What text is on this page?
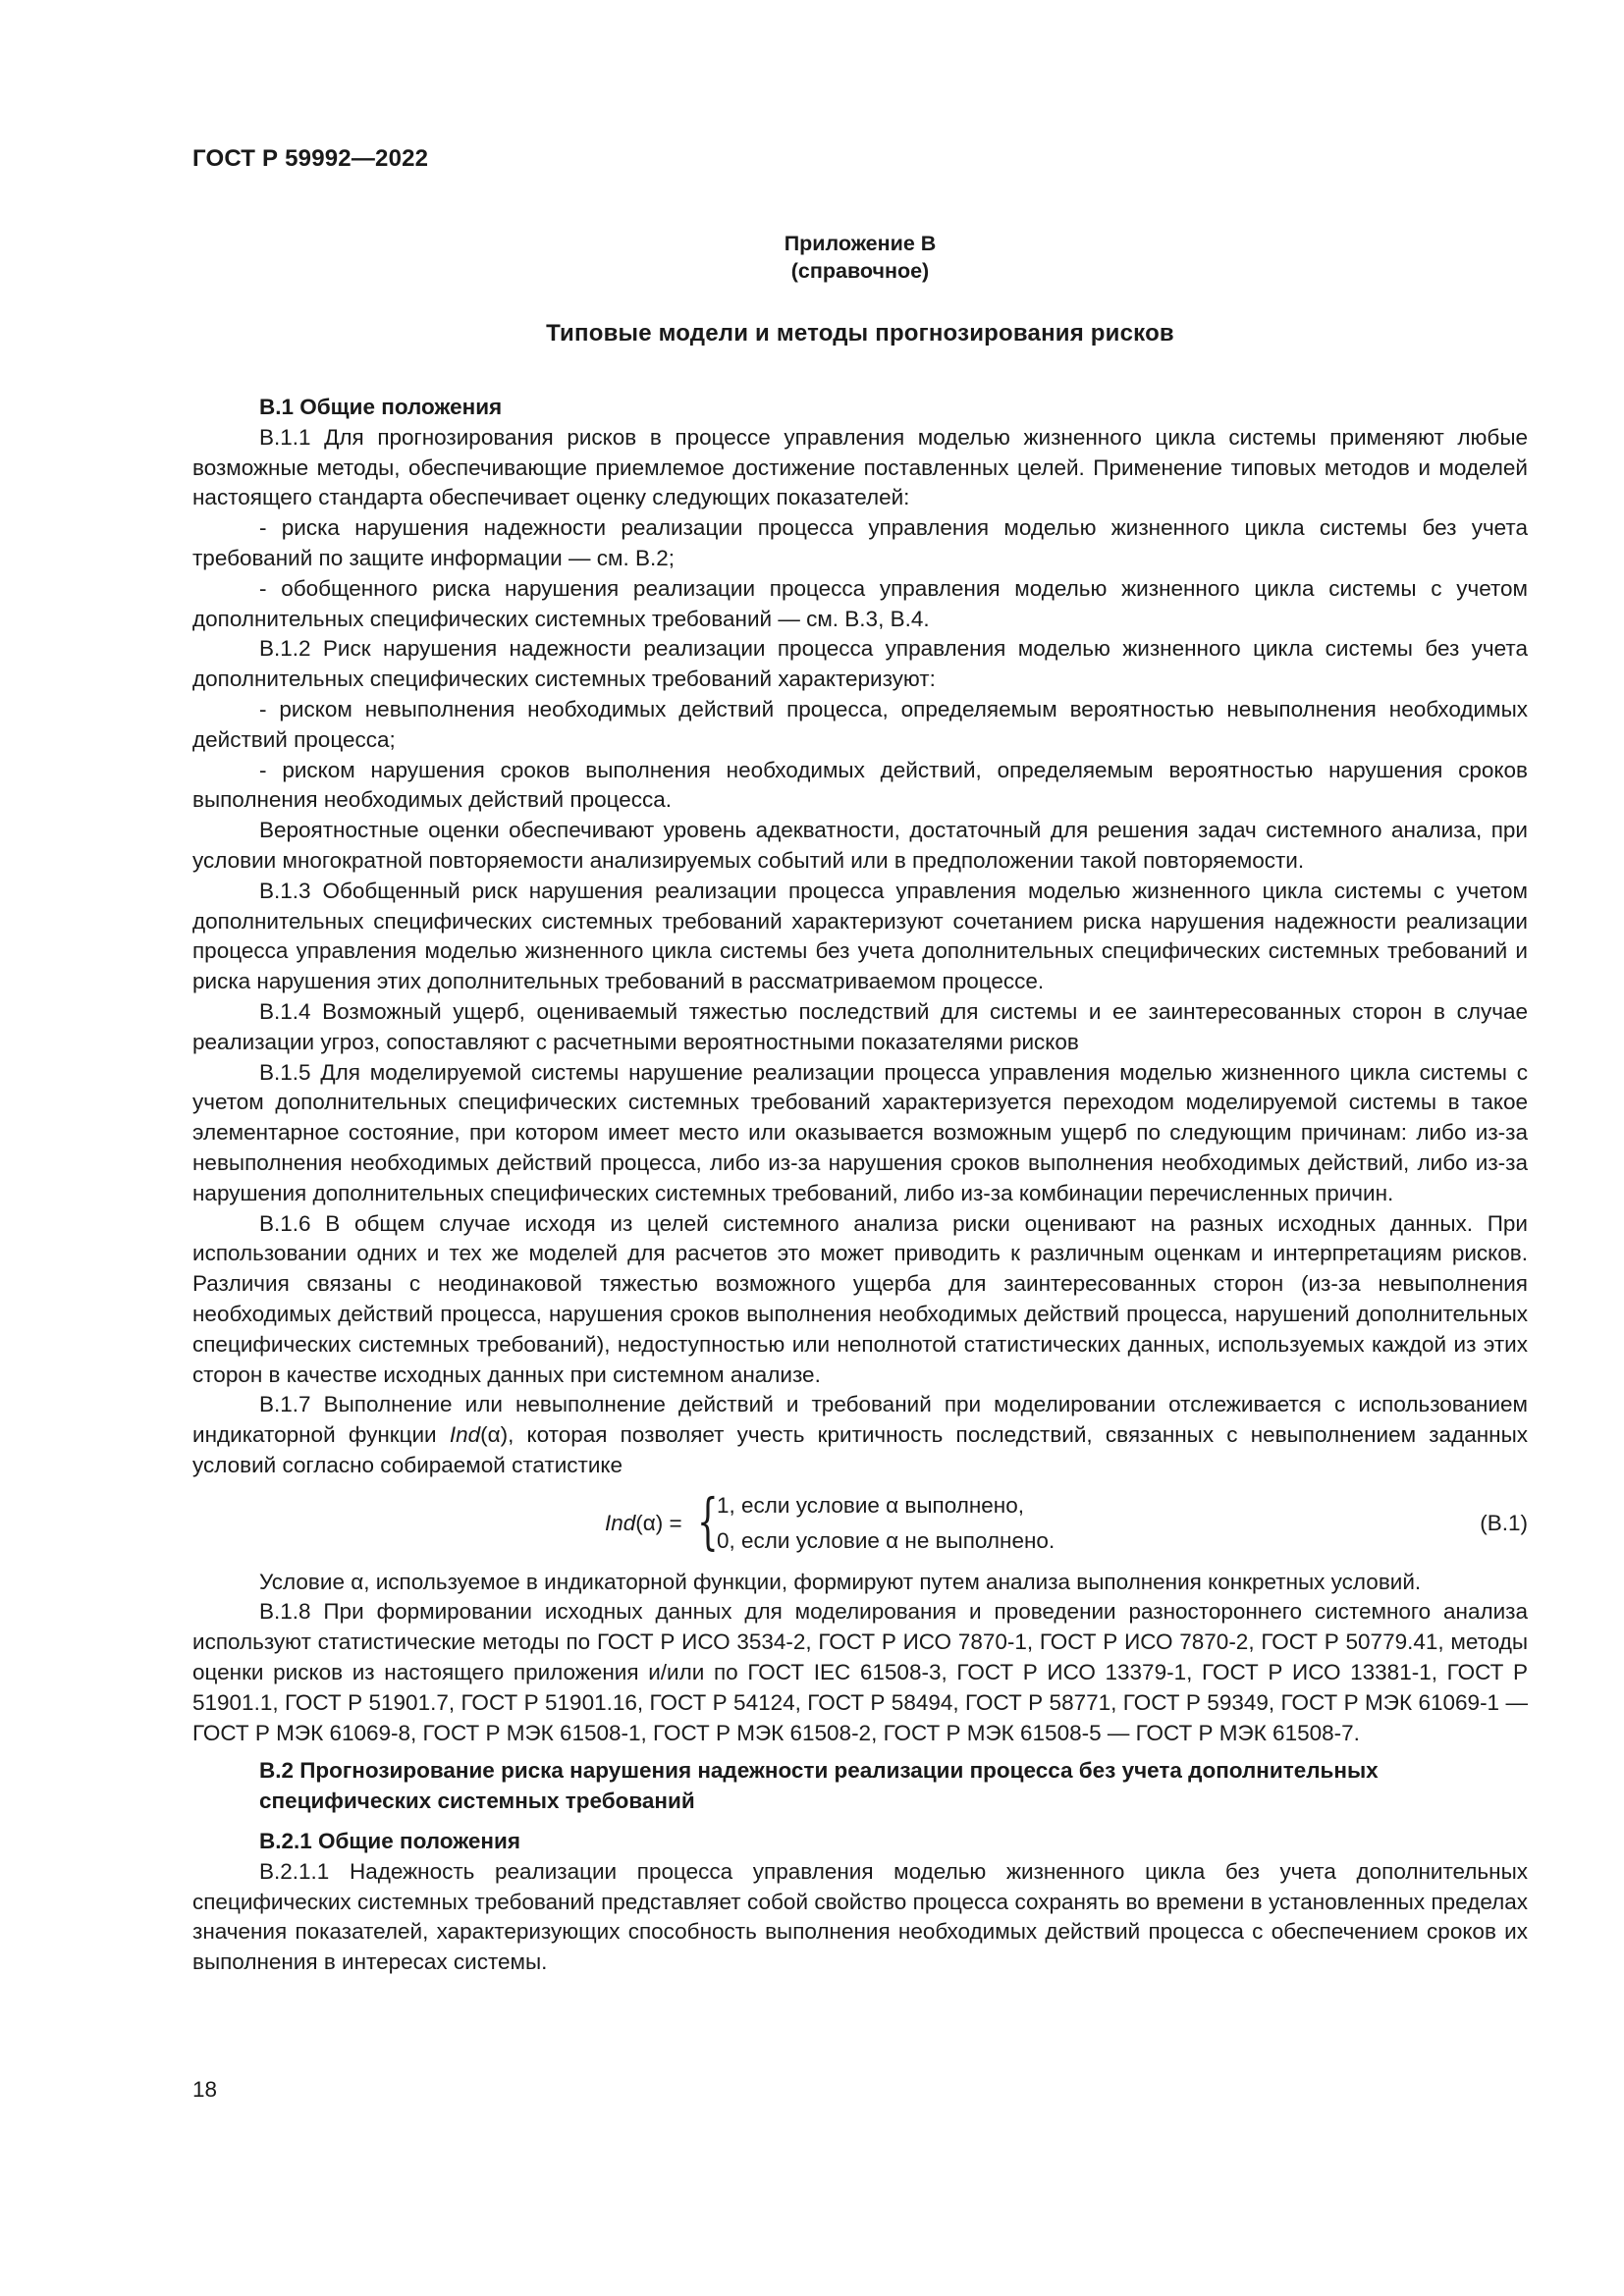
ГОСТ Р 59992—2022
Приложение В
(справочное)
Типовые модели и методы прогнозирования рисков

В.1 Общие положения

В.1.1 Для прогнозирования рисков в процессе управления моделью жизненного цикла системы применяют любые возможные методы, обеспечивающие приемлемое достижение поставленных целей. Применение типовых методов и моделей настоящего стандарта обеспечивает оценку следующих показателей:

- риска нарушения надежности реализации процесса управления моделью жизненного цикла системы без учета требований по защите информации — см. В.2;

- обобщенного риска нарушения реализации процесса управления моделью жизненного цикла системы с учетом дополнительных специфических системных требований — см. В.3, В.4.

В.1.2 Риск нарушения надежности реализации процесса управления моделью жизненного цикла системы без учета дополнительных специфических системных требований характеризуют:

- риском невыполнения необходимых действий процесса, определяемым вероятностью невыполнения необходимых действий процесса;

- риском нарушения сроков выполнения необходимых действий, определяемым вероятностью нарушения сроков выполнения необходимых действий процесса.

Вероятностные оценки обеспечивают уровень адекватности, достаточный для решения задач системного анализа, при условии многократной повторяемости анализируемых событий или в предположении такой повторяемости.

В.1.3 Обобщенный риск нарушения реализации процесса управления моделью жизненного цикла системы с учетом дополнительных специфических системных требований характеризуют сочетанием риска нарушения надежности реализации процесса управления моделью жизненного цикла системы без учета дополнительных специфических системных требований и риска нарушения этих дополнительных требований в рассматриваемом процессе.

В.1.4 Возможный ущерб, оцениваемый тяжестью последствий для системы и ее заинтересованных сторон в случае реализации угроз, сопоставляют с расчетными вероятностными показателями рисков

В.1.5 Для моделируемой системы нарушение реализации процесса управления моделью жизненного цикла системы с учетом дополнительных специфических системных требований характеризуется переходом моделируемой системы в такое элементарное состояние, при котором имеет место или оказывается возможным ущерб по следующим причинам: либо из-за невыполнения необходимых действий процесса, либо из-за нарушения сроков выполнения необходимых действий, либо из-за нарушения дополнительных специфических системных требований, либо из-за комбинации перечисленных причин.

В.1.6 В общем случае исходя из целей системного анализа риски оценивают на разных исходных данных. При использовании одних и тех же моделей для расчетов это может приводить к различным оценкам и интерпретациям рисков. Различия связаны с неодинаковой тяжестью возможного ущерба для заинтересованных сторон (из-за невыполнения необходимых действий процесса, нарушения сроков выполнения необходимых действий процесса, нарушений дополнительных специфических системных требований), недоступностью или неполнотой статистических данных, используемых каждой из этих сторон в качестве исходных данных при системном анализе.

В.1.7 Выполнение или невыполнение действий и требований при моделировании отслеживается с использованием индикаторной функции Ind(α), которая позволяет учесть критичность последствий, связанных с невыполнением заданных условий согласно собираемой статистике

Ind(α) = {
1, если условие α выполнено,
0, если условие α не выполнено.
(В.1)

Условие α, используемое в индикаторной функции, формируют путем анализа выполнения конкретных условий.

В.1.8 При формировании исходных данных для моделирования и проведении разностороннего системного анализа используют статистические методы по ГОСТ Р ИСО 3534-2, ГОСТ Р ИСО 7870-1, ГОСТ Р ИСО 7870-2, ГОСТ Р 50779.41, методы оценки рисков из настоящего приложения и/или по ГОСТ IEC 61508-3, ГОСТ Р ИСО 13379-1, ГОСТ Р ИСО 13381-1, ГОСТ Р 51901.1, ГОСТ Р 51901.7, ГОСТ Р 51901.16, ГОСТ Р 54124, ГОСТ Р 58494, ГОСТ Р 58771, ГОСТ Р 59349, ГОСТ Р МЭК 61069-1 — ГОСТ Р МЭК 61069-8, ГОСТ Р МЭК 61508-1, ГОСТ Р МЭК 61508-2, ГОСТ Р МЭК 61508-5 — ГОСТ Р МЭК 61508-7.

В.2 Прогнозирование риска нарушения надежности реализации процесса без учета дополнительных специфических системных требований

В.2.1 Общие положения

В.2.1.1 Надежность реализации процесса управления моделью жизненного цикла без учета дополнительных специфических системных требований представляет собой свойство процесса сохранять во времени в установленных пределах значения показателей, характеризующих способность выполнения необходимых действий процесса с обеспечением сроков их выполнения в интересах системы.

18
